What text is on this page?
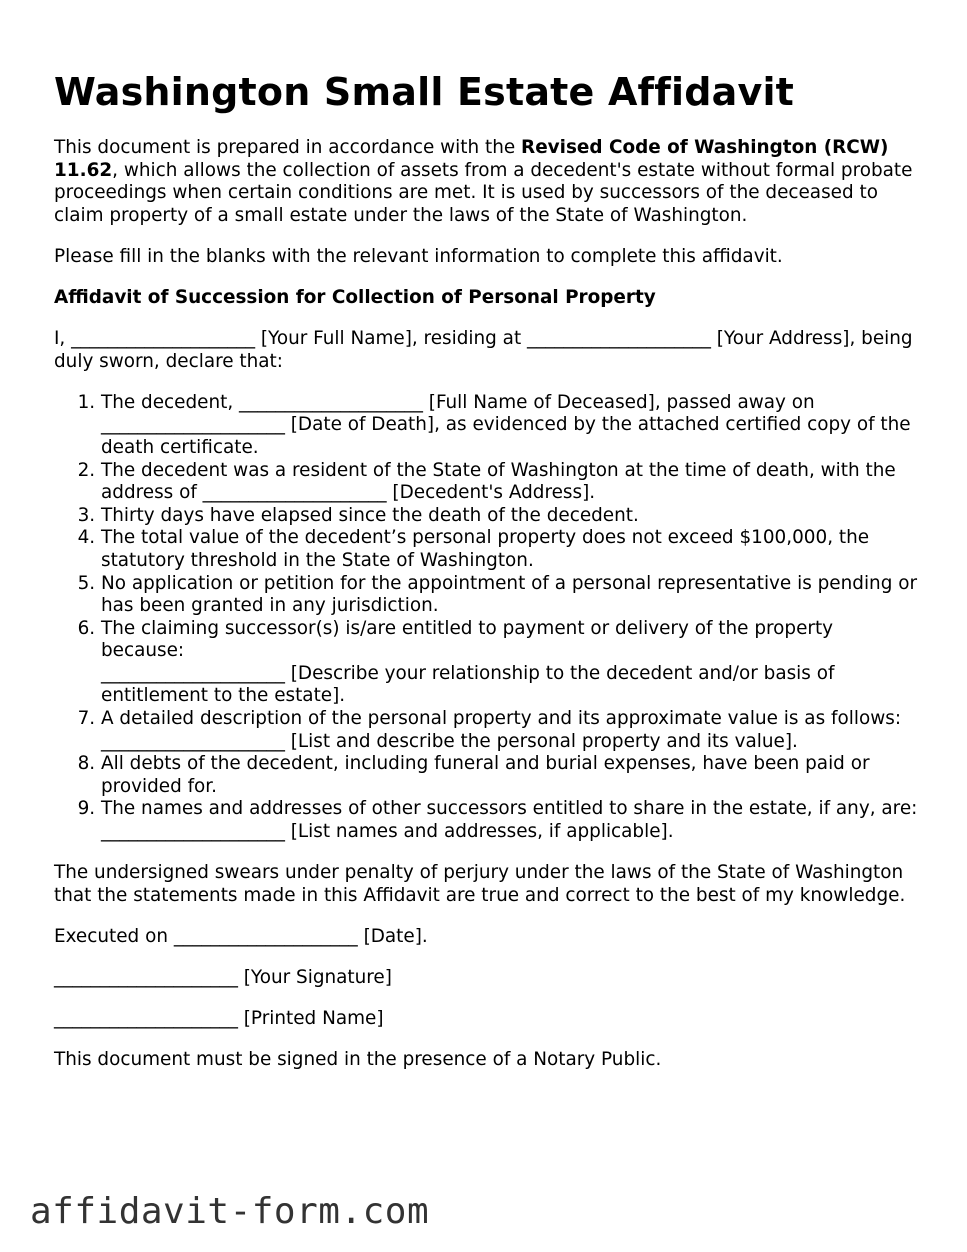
Washington Small Estate Affidavit

This document is prepared in accordance with the Revised Code of Washington (RCW) 11.62, which allows the collection of assets from a decedent's estate without formal probate proceedings when certain conditions are met. It is used by successors of the deceased to claim property of a small estate under the laws of the State of Washington.

Please fill in the blanks with the relevant information to complete this affidavit.

Affidavit of Succession for Collection of Personal Property

I, ____________________ [Your Full Name], residing at ____________________ [Your Address], being duly sworn, declare that:

1. The decedent, ____________________ [Full Name of Deceased], passed away on ____________________ [Date of Death], as evidenced by the attached certified copy of the death certificate.
2. The decedent was a resident of the State of Washington at the time of death, with the address of ____________________ [Decedent's Address].
3. Thirty days have elapsed since the death of the decedent.
4. The total value of the decedent’s personal property does not exceed $100,000, the statutory threshold in the State of Washington.
5. No application or petition for the appointment of a personal representative is pending or has been granted in any jurisdiction.
6. The claiming successor(s) is/are entitled to payment or delivery of the property because:
____________________ [Describe your relationship to the decedent and/or basis of entitlement to the estate].
7. A detailed description of the personal property and its approximate value is as follows:
____________________ [List and describe the personal property and its value].
8. All debts of the decedent, including funeral and burial expenses, have been paid or provided for.
9. The names and addresses of other successors entitled to share in the estate, if any, are:
____________________ [List names and addresses, if applicable].

The undersigned swears under penalty of perjury under the laws of the State of Washington that the statements made in this Affidavit are true and correct to the best of my knowledge.

Executed on ____________________ [Date].

____________________ [Your Signature]

____________________ [Printed Name]

This document must be signed in the presence of a Notary Public.

affidavit-form.com
